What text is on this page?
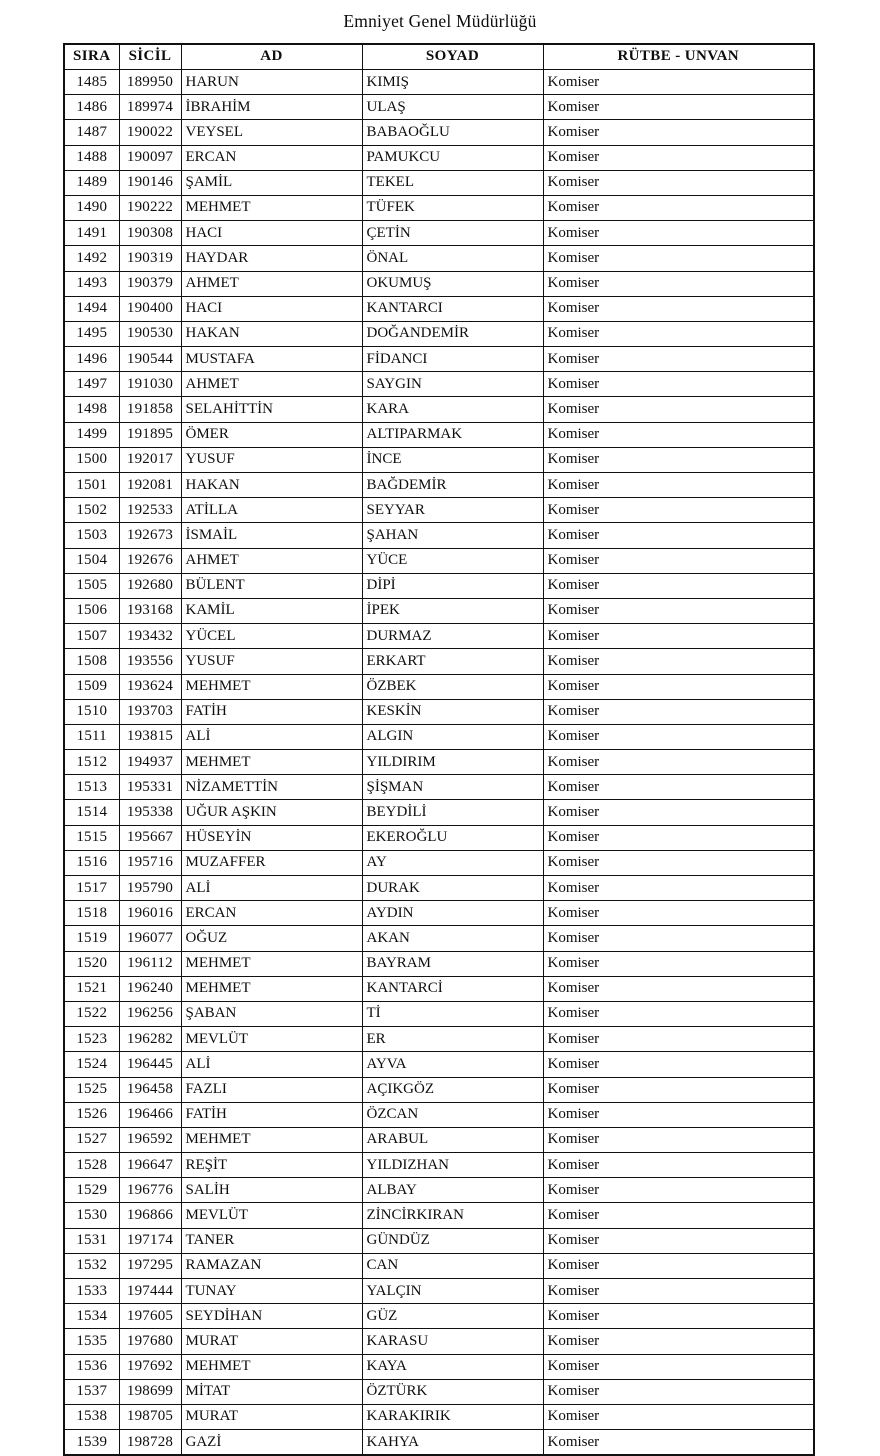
Emniyet Genel Müdürlüğü
SIRA	SİCİL	AD	SOYAD	RÜTBE - UNVAN
1485	189950	HARUN	KIMIŞ	Komiser
1486	189974	İBRAHİM	ULAŞ	Komiser
1487	190022	VEYSEL	BABAOĞLU	Komiser
1488	190097	ERCAN	PAMUKCU	Komiser
1489	190146	ŞAMİL	TEKEL	Komiser
1490	190222	MEHMET	TÜFEK	Komiser
1491	190308	HACI	ÇETİN	Komiser
1492	190319	HAYDAR	ÖNAL	Komiser
1493	190379	AHMET	OKUMUŞ	Komiser
1494	190400	HACI	KANTARCI	Komiser
1495	190530	HAKAN	DOĞANDEMİR	Komiser
1496	190544	MUSTAFA	FİDANCI	Komiser
1497	191030	AHMET	SAYGIN	Komiser
1498	191858	SELAHİTTİN	KARA	Komiser
1499	191895	ÖMER	ALTIPARMAK	Komiser
1500	192017	YUSUF	İNCE	Komiser
1501	192081	HAKAN	BAĞDEMİR	Komiser
1502	192533	ATİLLA	SEYYAR	Komiser
1503	192673	İSMAİL	ŞAHAN	Komiser
1504	192676	AHMET	YÜCE	Komiser
1505	192680	BÜLENT	DİPİ	Komiser
1506	193168	KAMİL	İPEK	Komiser
1507	193432	YÜCEL	DURMAZ	Komiser
1508	193556	YUSUF	ERKART	Komiser
1509	193624	MEHMET	ÖZBEK	Komiser
1510	193703	FATİH	KESKİN	Komiser
1511	193815	ALİ	ALGIN	Komiser
1512	194937	MEHMET	YILDIRIM	Komiser
1513	195331	NİZAMETTİN	ŞİŞMAN	Komiser
1514	195338	UĞUR AŞKIN	BEYDİLİ	Komiser
1515	195667	HÜSEYİN	EKEROĞLU	Komiser
1516	195716	MUZAFFER	AY	Komiser
1517	195790	ALİ	DURAK	Komiser
1518	196016	ERCAN	AYDIN	Komiser
1519	196077	OĞUZ	AKAN	Komiser
1520	196112	MEHMET	BAYRAM	Komiser
1521	196240	MEHMET	KANTARCİ	Komiser
1522	196256	ŞABAN	Tİ	Komiser
1523	196282	MEVLÜT	ER	Komiser
1524	196445	ALİ	AYVA	Komiser
1525	196458	FAZLI	AÇIKGÖZ	Komiser
1526	196466	FATİH	ÖZCAN	Komiser
1527	196592	MEHMET	ARABUL	Komiser
1528	196647	REŞİT	YILDIZHAN	Komiser
1529	196776	SALİH	ALBAY	Komiser
1530	196866	MEVLÜT	ZİNCİRKIRAN	Komiser
1531	197174	TANER	GÜNDÜZ	Komiser
1532	197295	RAMAZAN	CAN	Komiser
1533	197444	TUNAY	YALÇIN	Komiser
1534	197605	SEYDİHAN	GÜZ	Komiser
1535	197680	MURAT	KARASU	Komiser
1536	197692	MEHMET	KAYA	Komiser
1537	198699	MİTAT	ÖZTÜRK	Komiser
1538	198705	MURAT	KARAKIRIK	Komiser
1539	198728	GAZİ	KAHYA	Komiser
